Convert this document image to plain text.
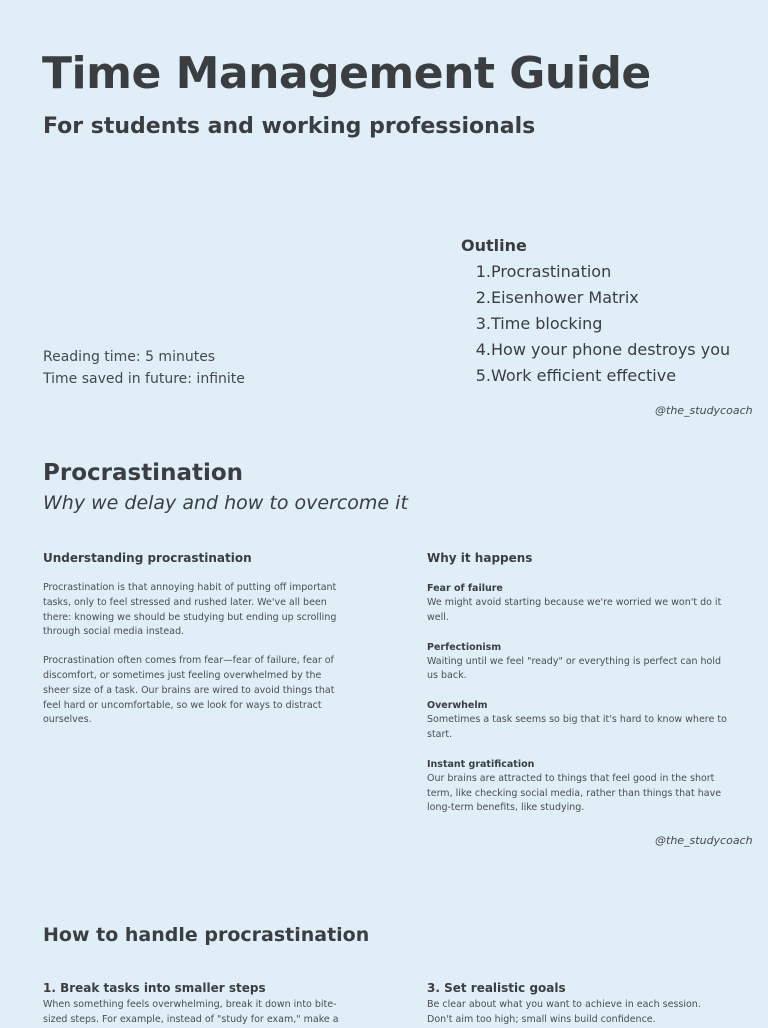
Time Management Guide
For students and working professionals
Outline
1. Procrastination
2. Eisenhower Matrix
3. Time blocking
4. How your phone destroys you
5. Work efficient effective
Reading time: 5 minutes
Time saved in future: infinite
@the_studycoach
Procrastination
Why we delay and how to overcome it
Understanding procrastination
Procrastination is that annoying habit of putting off important tasks, only to feel stressed and rushed later. We've all been there: knowing we should be studying but ending up scrolling through social media instead.
Procrastination often comes from fear—fear of failure, fear of discomfort, or sometimes just feeling overwhelmed by the sheer size of a task. Our brains are wired to avoid things that feel hard or uncomfortable, so we look for ways to distract ourselves.
Why it happens
Fear of failure
We might avoid starting because we're worried we won't do it well.
Perfectionism
Waiting until we feel "ready" or everything is perfect can hold us back.
Overwhelm
Sometimes a task seems so big that it's hard to know where to start.
Instant gratification
Our brains are attracted to things that feel good in the short term, like checking social media, rather than things that have long-term benefits, like studying.
@the_studycoach
How to handle procrastination
1. Break tasks into smaller steps
When something feels overwhelming, break it down into bite-sized steps. For example, instead of "study for exam," make a
3. Set realistic goals
Be clear about what you want to achieve in each session. Don't aim too high; small wins build confidence.
